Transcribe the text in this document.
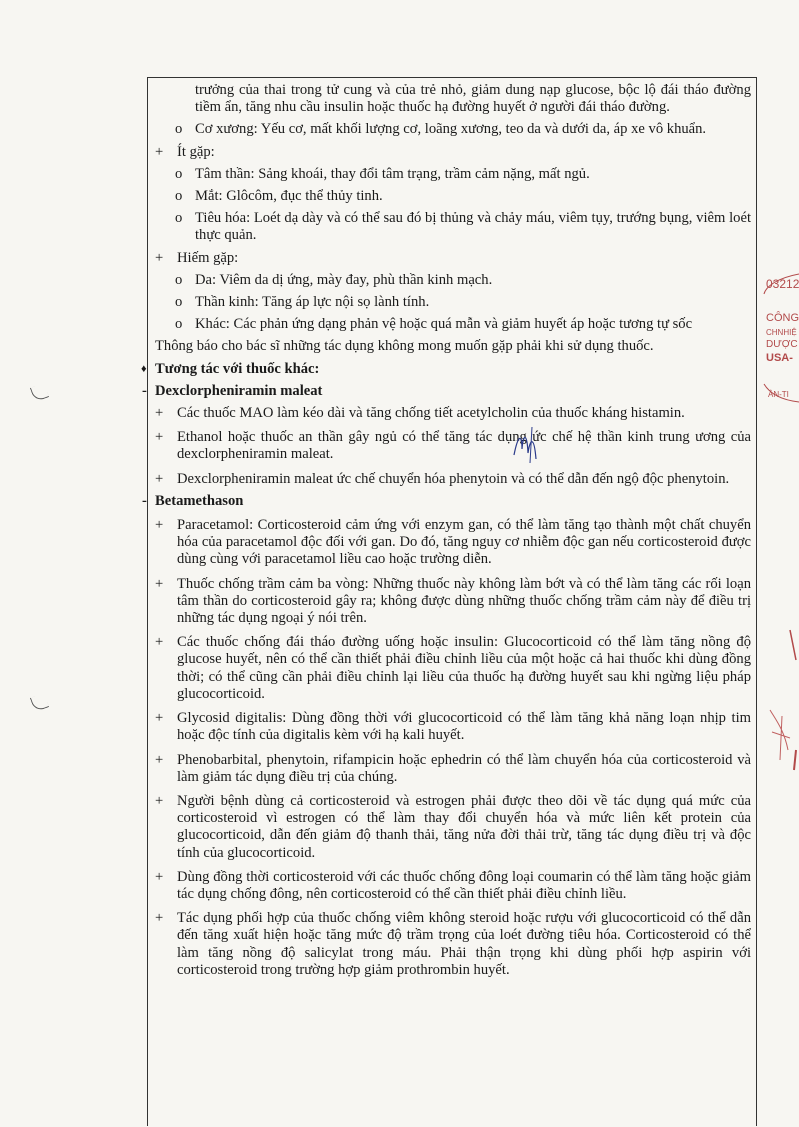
trưởng của thai trong tử cung và của trẻ nhỏ, giảm dung nạp glucose, bộc lộ đái tháo đường tiềm ẩn, tăng nhu cầu insulin hoặc thuốc hạ đường huyết ở người đái tháo đường.
o Cơ xương: Yếu cơ, mất khối lượng cơ, loãng xương, teo da và dưới da, áp xe vô khuẩn.
+ Ít gặp:
o Tâm thần: Sảng khoái, thay đổi tâm trạng, trầm cảm nặng, mất ngủ.
o Mắt: Glôcôm, đục thể thủy tinh.
o Tiêu hóa: Loét dạ dày và có thể sau đó bị thủng và chảy máu, viêm tụy, trướng bụng, viêm loét thực quản.
+ Hiếm gặp:
o Da: Viêm da dị ứng, mày đay, phù thần kinh mạch.
o Thần kinh: Tăng áp lực nội sọ lành tính.
o Khác: Các phản ứng dạng phản vệ hoặc quá mẫn và giảm huyết áp hoặc tương tự sốc
Thông báo cho bác sĩ những tác dụng không mong muốn gặp phải khi sử dụng thuốc.
♦ Tương tác với thuốc khác:
- Dexclorpheniramin maleat
+ Các thuốc MAO làm kéo dài và tăng chống tiết acetylcholin của thuốc kháng histamin.
+ Ethanol hoặc thuốc an thần gây ngủ có thể tăng tác dụng ức chế hệ thần kinh trung ương của dexclorpheniramin maleat.
+ Dexclorpheniramin maleat ức chế chuyển hóa phenytoin và có thể dẫn đến ngộ độc phenytoin.
- Betamethason
+ Paracetamol: Corticosteroid cảm ứng với enzym gan, có thể làm tăng tạo thành một chất chuyển hóa của paracetamol độc đối với gan. Do đó, tăng nguy cơ nhiễm độc gan nếu corticosteroid được dùng cùng với paracetamol liều cao hoặc trường diễn.
+ Thuốc chống trầm cảm ba vòng: Những thuốc này không làm bớt và có thể làm tăng các rối loạn tâm thần do corticosteroid gây ra; không được dùng những thuốc chống trầm cảm này để điều trị những tác dụng ngoại ý nói trên.
+ Các thuốc chống đái tháo đường uống hoặc insulin: Glucocorticoid có thể làm tăng nồng độ glucose huyết, nên có thể cần thiết phải điều chỉnh liều của một hoặc cả hai thuốc khi dùng đồng thời; có thể cũng cần phải điều chỉnh lại liều của thuốc hạ đường huyết sau khi ngừng liệu pháp glucocorticoid.
+ Glycosid digitalis: Dùng đồng thời với glucocorticoid có thể làm tăng khả năng loạn nhịp tim hoặc độc tính của digitalis kèm với hạ kali huyết.
+ Phenobarbital, phenytoin, rifampicin hoặc ephedrin có thể làm chuyển hóa của corticosteroid và làm giảm tác dụng điều trị của chúng.
+ Người bệnh dùng cả corticosteroid và estrogen phải được theo dõi về tác dụng quá mức của corticosteroid vì estrogen có thể làm thay đổi chuyển hóa và mức liên kết protein của glucocorticoid, dẫn đến giảm độ thanh thải, tăng nửa đời thải trừ, tăng tác dụng điều trị và độc tính của glucocorticoid.
+ Dùng đồng thời corticosteroid với các thuốc chống đông loại coumarin có thể làm tăng hoặc giảm tác dụng chống đông, nên corticosteroid có thể cần thiết phải điều chỉnh liều.
+ Tác dụng phối hợp của thuốc chống viêm không steroid hoặc rượu với glucocorticoid có thể dẫn đến tăng xuất hiện hoặc tăng mức độ trầm trọng của loét đường tiêu hóa. Corticosteroid có thể làm tăng nồng độ salicylat trong máu. Phải thận trọng khi dùng phối hợp aspirin với corticosteroid trong trường hợp giảm prothrombin huyết.
03212
CÔNG
CHNHIỆ
DƯỢC
USA-
ÂN-TI
